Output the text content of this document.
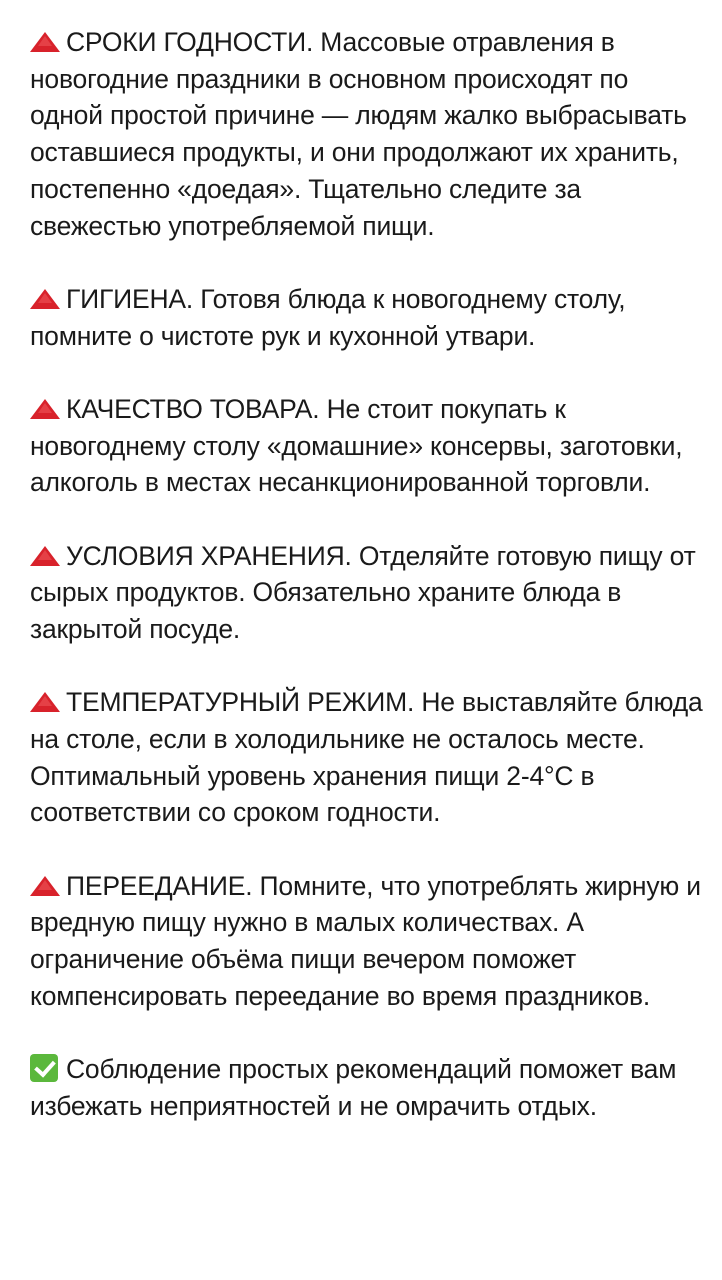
СРОКИ ГОДНОСТИ. Массовые отравления в новогодние праздники в основном происходят по одной простой причине — людям жалко выбрасывать оставшиеся продукты, и они продолжают их хранить, постепенно «доедая». Тщательно следите за свежестью употребляемой пищи.

ГИГИЕНА. Готовя блюда к новогоднему столу, помните о чистоте рук и кухонной утвари.

КАЧЕСТВО ТОВАРА. Не стоит покупать к новогоднему столу «домашние» консервы, заготовки, алкоголь в местах несанкционированной торговли.

УСЛОВИЯ ХРАНЕНИЯ. Отделяйте готовую пищу от сырых продуктов. Обязательно храните блюда в закрытой посуде.

ТЕМПЕРАТУРНЫЙ РЕЖИМ. Не выставляйте блюда на столе, если в холодильнике не осталось месте. Оптимальный уровень хранения пищи 2-4°С в соответствии со сроком годности.

ПЕРЕЕДАНИЕ. Помните, что употреблять жирную и вредную пищу нужно в малых количествах. А ограничение объёма пищи вечером поможет компенсировать переедание во время праздников.

Соблюдение простых рекомендаций поможет вам избежать неприятностей и не омрачить отдых.
